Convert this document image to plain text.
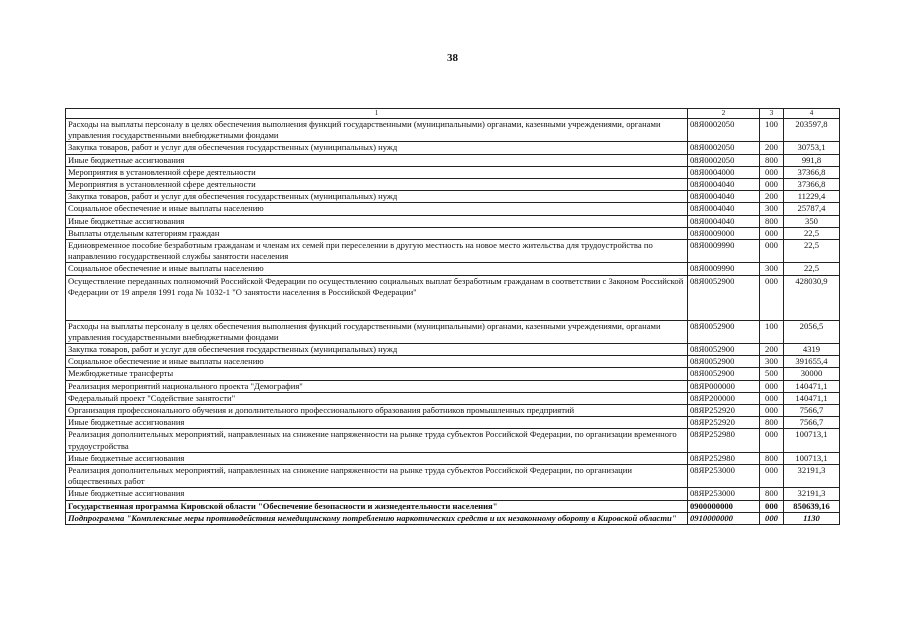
38
1	2	3	4
Расходы на выплаты персоналу в целях обеспечения выполнения функций государственными (муниципальными) органами, казенными учреждениями, органами управления государственными внебюджетными фондами	08Я0002050	100	203597,8
Закупка товаров, работ и услуг для обеспечения государственных (муниципальных) нужд	08Я0002050	200	30753,1
Иные бюджетные ассигнования	08Я0002050	800	991,8
Мероприятия в установленной сфере деятельности	08Я0004000	000	37366,8
Мероприятия в установленной сфере деятельности	08Я0004040	000	37366,8
Закупка товаров, работ и услуг для обеспечения государственных (муниципальных) нужд	08Я0004040	200	11229,4
Социальное обеспечение и иные выплаты населению	08Я0004040	300	25787,4
Иные бюджетные ассигнования	08Я0004040	800	350
Выплаты отдельным категориям граждан	08Я0009000	000	22,5
Единовременное пособие безработным гражданам и членам их семей при переселении в другую местность на новое место жительства для трудоустройства по направлению государственной службы занятости населения	08Я0009990	000	22,5
Социальное обеспечение и иные выплаты населению	08Я0009990	300	22,5
Осуществление переданных полномочий Российской Федерации по осуществлению социальных выплат безработным гражданам в соответствии с Законом Российской Федерации от 19 апреля 1991 года № 1032-1 "О занятости населения в Российской Федерации"	08Я0052900	000	428030,9
Расходы на выплаты персоналу в целях обеспечения выполнения функций государственными (муниципальными) органами, казенными учреждениями, органами управления государственными внебюджетными фондами	08Я0052900	100	2056,5
Закупка товаров, работ и услуг для обеспечения государственных (муниципальных) нужд	08Я0052900	200	4319
Социальное обеспечение и иные выплаты населению	08Я0052900	300	391655,4
Межбюджетные трансферты	08Я0052900	500	30000
Реализация мероприятий национального проекта "Демография"	08ЯР000000	000	140471,1
Федеральный проект "Содействие занятости"	08ЯР200000	000	140471,1
Организация профессионального обучения и дополнительного профессионального образования работников промышленных предприятий	08ЯР252920	000	7566,7
Иные бюджетные ассигнования	08ЯР252920	800	7566,7
Реализация дополнительных мероприятий, направленных на снижение напряженности на рынке труда субъектов Российской Федерации, по организации временного трудоустройства	08ЯР252980	000	100713,1
Иные бюджетные ассигнования	08ЯР252980	800	100713,1
Реализация дополнительных мероприятий, направленных на снижение напряженности на рынке труда субъектов Российской Федерации, по организации общественных работ	08ЯР253000	000	32191,3
Иные бюджетные ассигнования	08ЯР253000	800	32191,3
Государственная программа Кировской области "Обеспечение безопасности и жизнедеятельности населения"	0900000000	000	850639,16
Подпрограмма "Комплексные меры противодействия немедицинскому потреблению наркотических средств и их незаконному обороту в Кировской области"	0910000000	000	1130
